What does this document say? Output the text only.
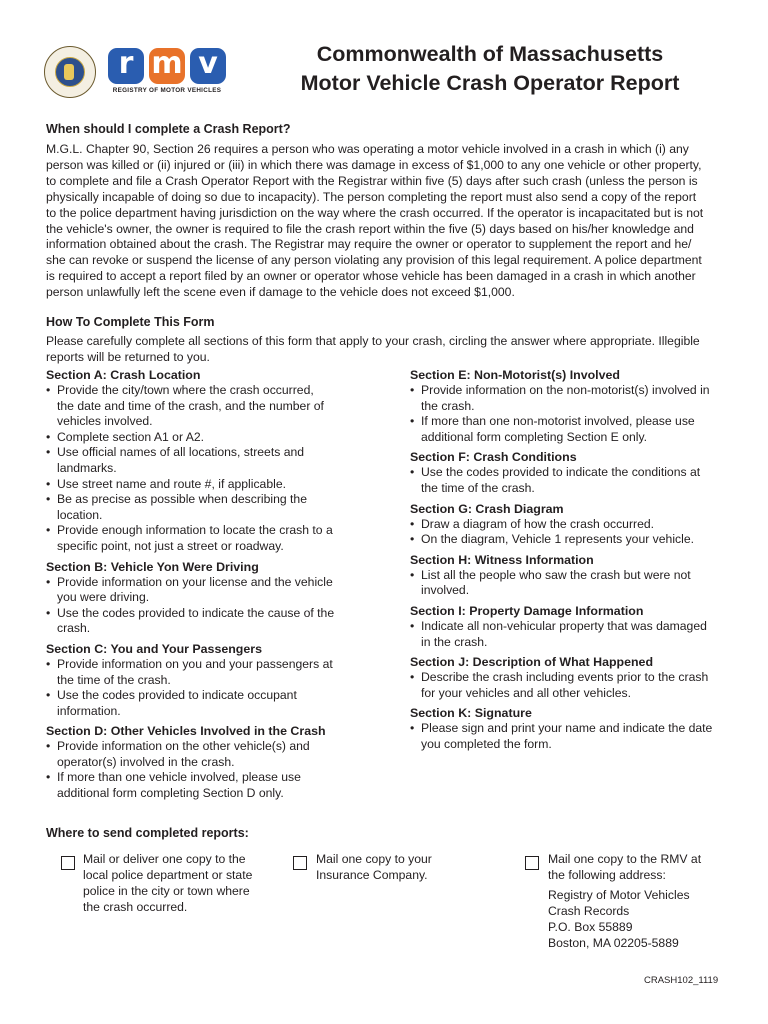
r m v
REGISTRY OF MOTOR VEHICLES
Commonwealth of Massachusetts
Motor Vehicle Crash Operator Report
When should I complete a Crash Report?
M.G.L. Chapter 90, Section 26 requires a person who was operating a motor vehicle involved in a crash in which (i) any
person was killed or (ii) injured or (iii) in which there was damage in excess of $1,000 to any one vehicle or other property,
to complete and file a Crash Operator Report with the Registrar within five (5) days after such crash (unless the person is
physically incapable of doing so due to incapacity). The person completing the report must also send a copy of the report
to the police department having jurisdiction on the way where the crash occurred. If the operator is incapacitated but is not
the vehicle's owner, the owner is required to file the crash report within the five (5) days based on his/her knowledge and
information obtained about the crash. The Registrar may require the owner or operator to supplement the report and he/
she can revoke or suspend the license of any person violating any provision of this legal requirement. A police department
is required to accept a report filed by an owner or operator whose vehicle has been damaged in a crash in which another
person unlawfully left the scene even if damage to the vehicle does not exceed $1,000.
How To Complete This Form
Please carefully complete all sections of this form that apply to your crash, circling the answer where appropriate. Illegible
reports will be returned to you.
Section A: Crash Location
• Provide the city/town where the crash occurred,
the date and time of the crash, and the number of
vehicles involved.
• Complete section A1 or A2.
• Use official names of all locations, streets and
landmarks.
• Use street name and route #, if applicable.
• Be as precise as possible when describing the
location.
• Provide enough information to locate the crash to a
specific point, not just a street or roadway.
Section B: Vehicle Yon Were Driving
• Provide information on your license and the vehicle
you were driving.
• Use the codes provided to indicate the cause of the
crash.
Section C: You and Your Passengers
• Provide information on you and your passengers at
the time of the crash.
• Use the codes provided to indicate occupant
information.
Section D: Other Vehicles Involved in the Crash
• Provide information on the other vehicle(s) and
operator(s) involved in the crash.
• If more than one vehicle involved, please use
additional form completing Section D only.
Section E: Non-Motorist(s) Involved
• Provide information on the non-motorist(s) involved in
the crash.
• If more than one non-motorist involved, please use
additional form completing Section E only.
Section F: Crash Conditions
• Use the codes provided to indicate the conditions at
the time of the crash.
Section G: Crash Diagram
• Draw a diagram of how the crash occurred.
• On the diagram, Vehicle 1 represents your vehicle.
Section H: Witness Information
• List all the people who saw the crash but were not
involved.
Section I: Property Damage Information
• Indicate all non-vehicular property that was damaged
in the crash.
Section J: Description of What Happened
• Describe the crash including events prior to the crash
for your vehicles and all other vehicles.
Section K: Signature
• Please sign and print your name and indicate the date
you completed the form.
Where to send completed reports:
Mail or deliver one copy to the
local police department or state
police in the city or town where
the crash occurred.
Mail one copy to your
Insurance Company.
Mail one copy to the RMV at
the following address:
Registry of Motor Vehicles
Crash Records
P.O. Box 55889
Boston, MA 02205-5889
CRASH102_1119
